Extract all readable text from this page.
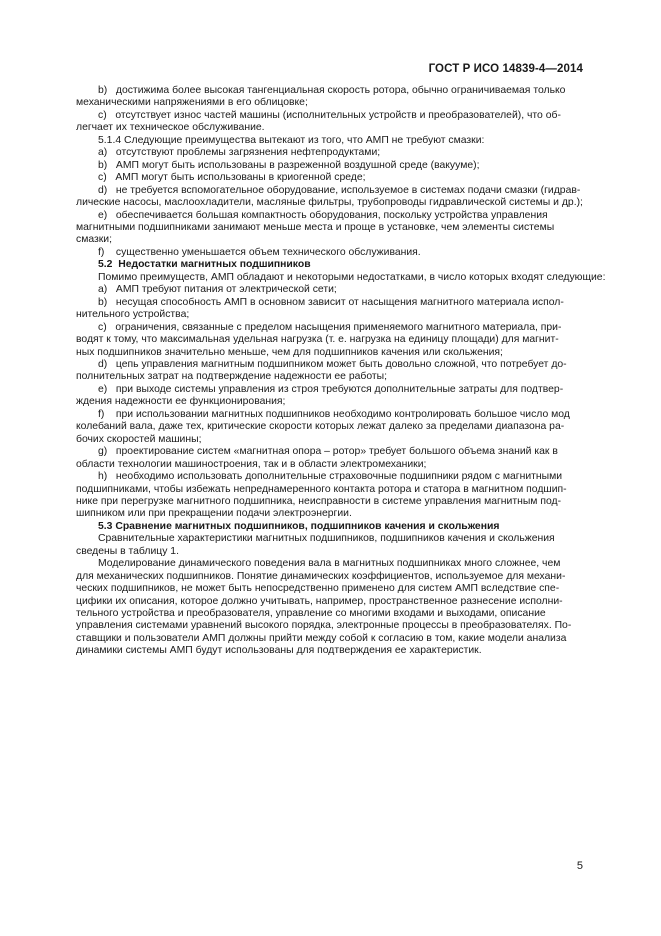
ГОСТ Р ИСО 14839-4—2014
b)   достижима более высокая тангенциальная скорость ротора, обычно ограничиваемая только
механическими напряжениями в его облицовке;
c)   отсутствует износ частей машины (исполнительных устройств и преобразователей), что об-
легчает их техническое обслуживание.
5.1.4 Следующие преимущества вытекают из того, что АМП не требуют смазки:
a)   отсутствуют проблемы загрязнения нефтепродуктами;
b)   АМП могут быть использованы в разреженной воздушной среде (вакууме);
c)   АМП могут быть использованы в криогенной среде;
d)   не требуется вспомогательное оборудование, используемое в системах подачи смазки (гидрав-
лические насосы, маслоохладители, масляные фильтры, трубопроводы гидравлической системы и др.);
e)   обеспечивается большая компактность оборудования, поскольку устройства управления
магнитными подшипниками занимают меньше места и проще в установке, чем элементы системы
смазки;
f)    существенно уменьшается объем технического обслуживания.
5.2  Недостатки магнитных подшипников
Помимо преимуществ, АМП обладают и некоторыми недостатками, в число которых входят следующие:
a)   АМП требуют питания от электрической сети;
b)   несущая способность АМП в основном зависит от насыщения магнитного материала испол-
нительного устройства;
c)   ограничения, связанные с пределом насыщения применяемого магнитного материала, при-
водят к тому, что максимальная удельная нагрузка (т. е. нагрузка на единицу площади) для магнит-
ных подшипников значительно меньше, чем для подшипников качения или скольжения;
d)   цепь управления магнитным подшипником может быть довольно сложной, что потребует до-
полнительных затрат на подтверждение надежности ее работы;
e)   при выходе системы управления из строя требуются дополнительные затраты для подтвер-
ждения надежности ее функционирования;
f)    при использовании магнитных подшипников необходимо контролировать большое число мод
колебаний вала, даже тех, критические скорости которых лежат далеко за пределами диапазона ра-
бочих скоростей машины;
g)   проектирование систем «магнитная опора – ротор» требует большого объема знаний как в
области технологии машиностроения, так и в области электромеханики;
h)   необходимо использовать дополнительные страховочные подшипники рядом с магнитными
подшипниками, чтобы избежать непреднамеренного контакта ротора и статора в магнитном подшип-
нике при перегрузке магнитного подшипника, неисправности в системе управления магнитным под-
шипником или при прекращении подачи электроэнергии.
5.3 Сравнение магнитных подшипников, подшипников качения и скольжения
Сравнительные характеристики магнитных подшипников, подшипников качения и скольжения
сведены в таблицу 1.
Моделирование динамического поведения вала в магнитных подшипниках много сложнее, чем
для механических подшипников. Понятие динамических коэффициентов, используемое для механи-
ческих подшипников, не может быть непосредственно применено для систем АМП вследствие спе-
цифики их описания, которое должно учитывать, например, пространственное разнесение исполни-
тельного устройства и преобразователя, управление со многими входами и выходами, описание
управления системами уравнений высокого порядка, электронные процессы в преобразователях. По-
ставщики и пользователи АМП должны прийти между собой к согласию в том, какие модели анализа
динамики системы АМП будут использованы для подтверждения ее характеристик.
5
